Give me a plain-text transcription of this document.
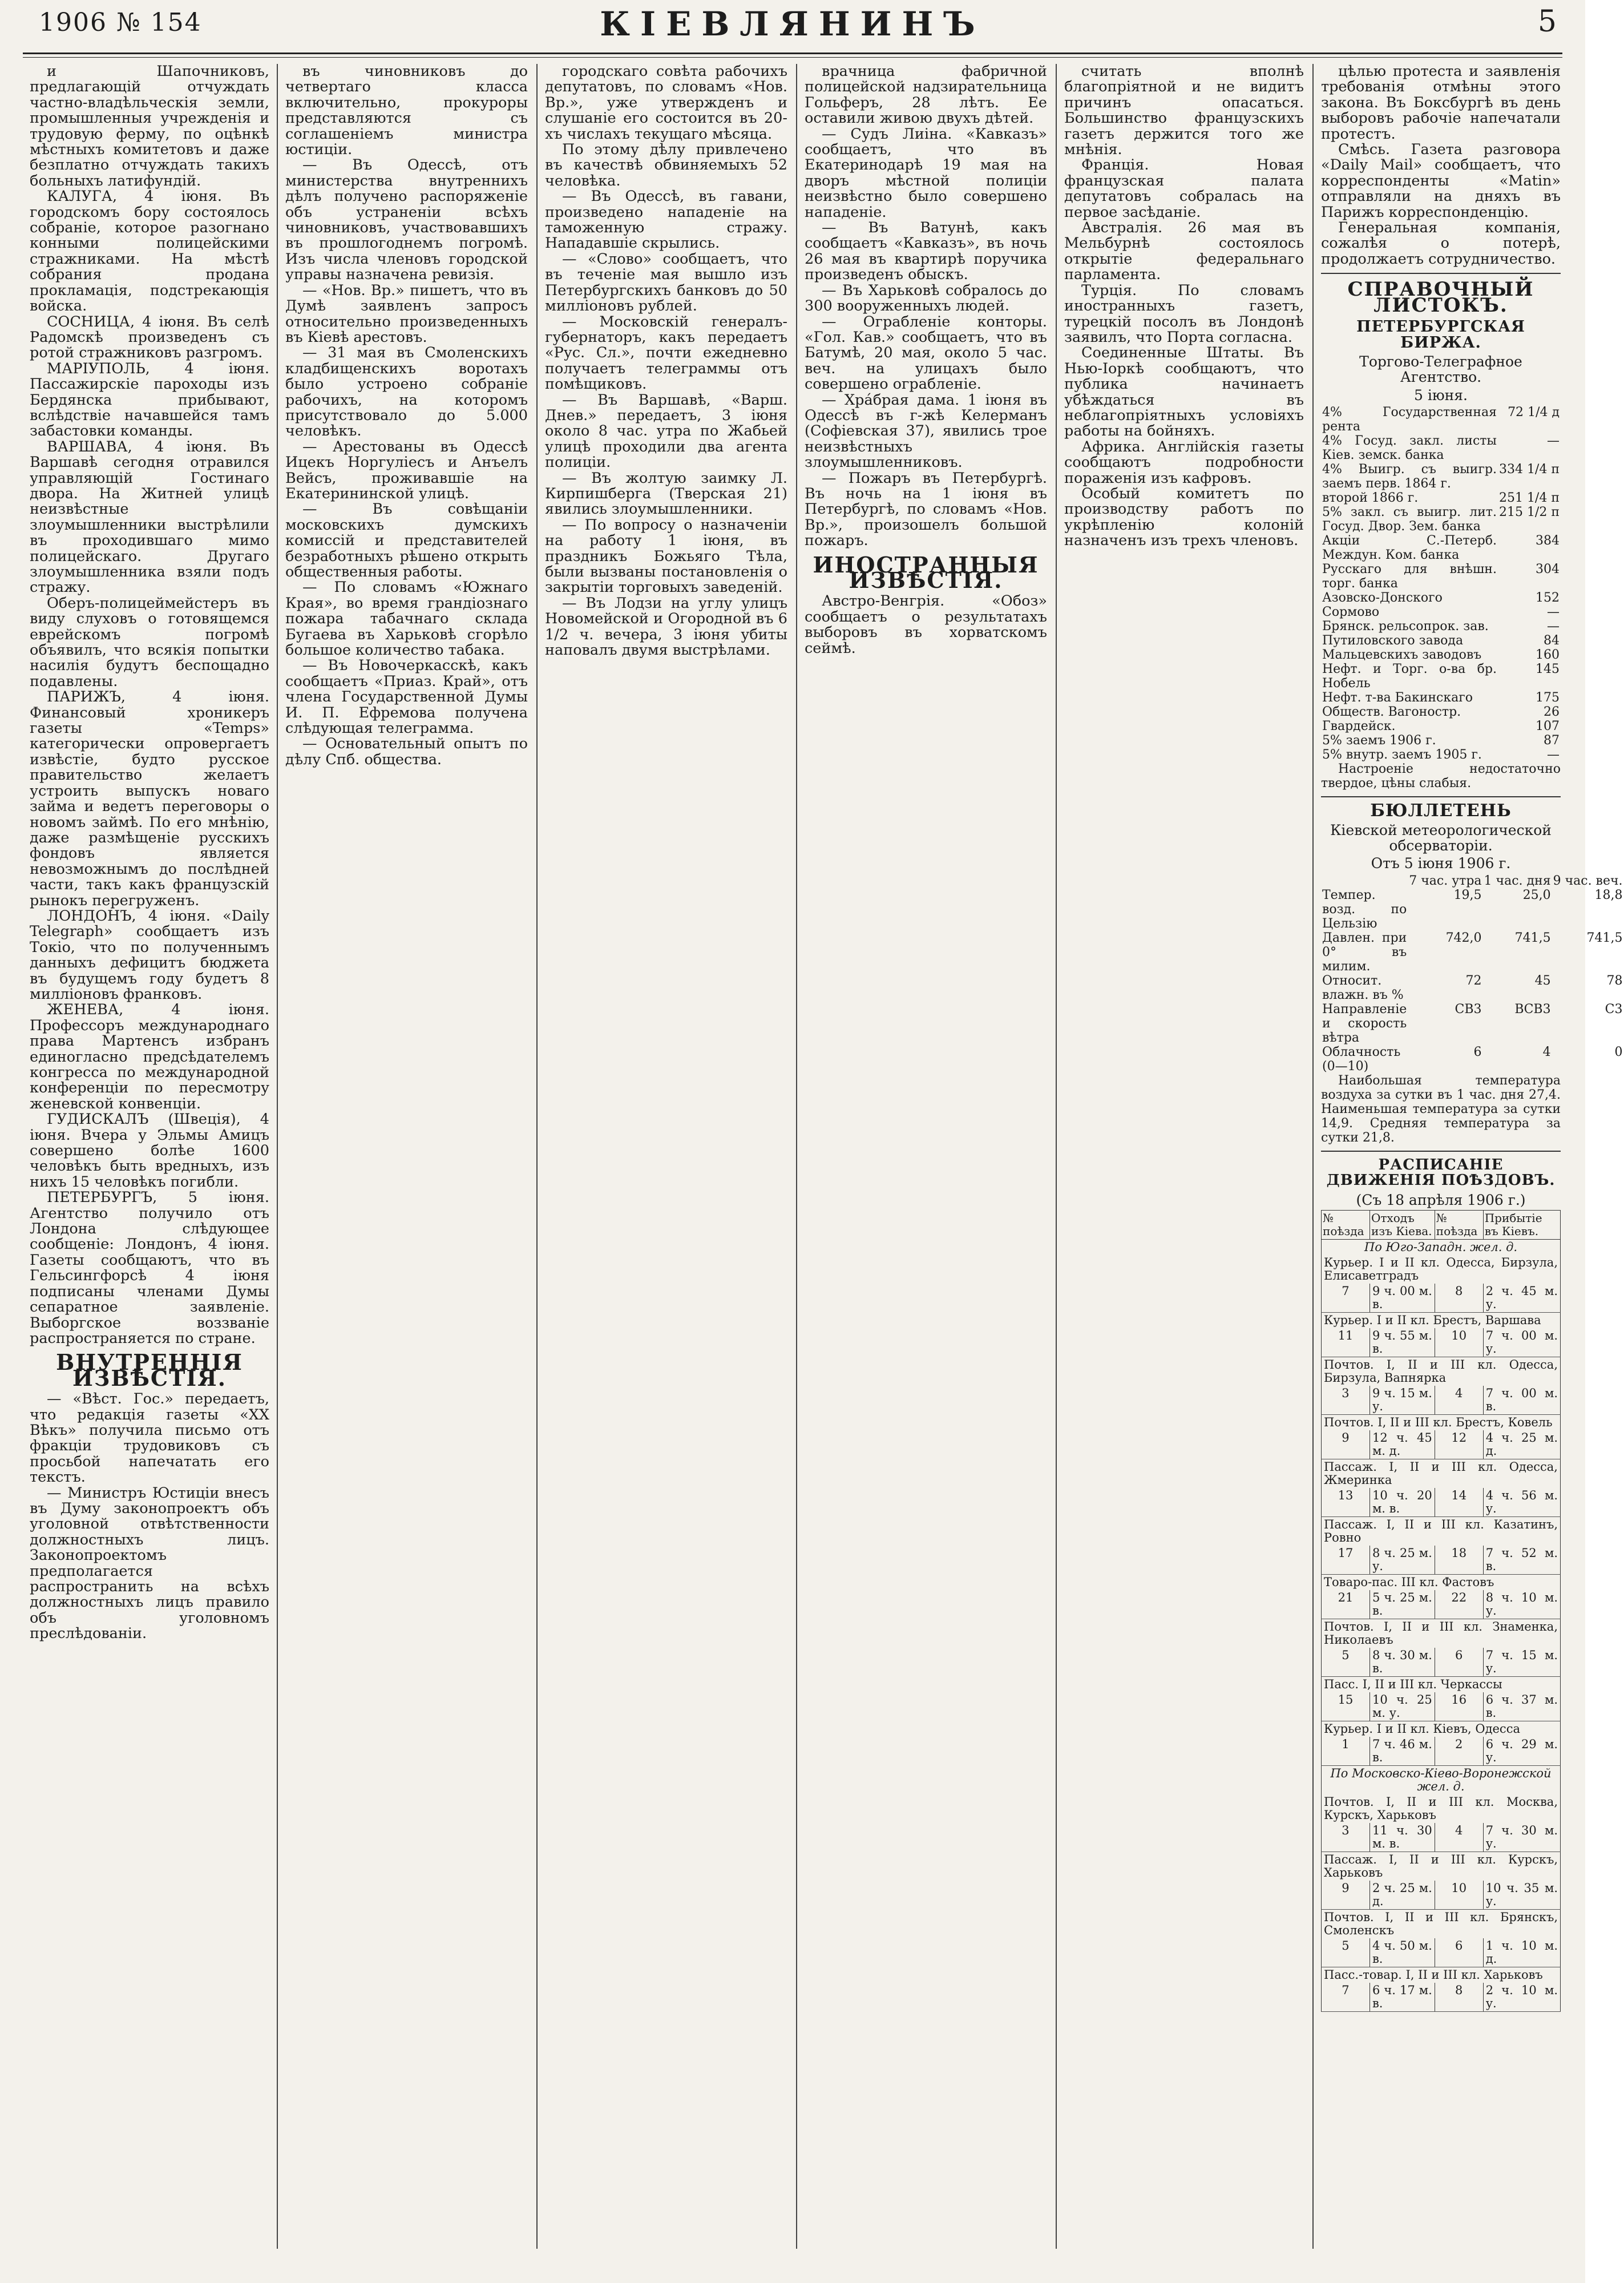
1906 № 154	КІЕВЛЯНИНЪ	5

и Шапочниковъ, предлагающій отчуждать частно-владѣльческія земли, промышленныя учрежденія и трудовую ферму, по оцѣнкѣ мѣстныхъ комитетовъ и даже безплатно отчуждать такихъ больныхъ латифундій.

КАЛУГА, 4 іюня. Въ городскомъ бору состоялось собраніе, которое разогнано конными полицейскими стражниками. На мѣстѣ собрания продана прокламація, подстрекающія войска.

СОСНИЦА, 4 іюня. Въ селѣ Радомскѣ произведенъ съ ротой стражниковъ разгромъ.

МАРІУПОЛЬ, 4 іюня. Пассажирскіе пароходы изъ Бердянска прибывают, вслѣдствіе начавшейся тамъ забастовки команды.

ВАРШАВА, 4 іюня. Въ Варшавѣ сегодня отравился управляющій Гостинаго двора. На Житней улицѣ неизвѣстные злоумышленники выстрѣлили въ проходившаго мимо полицейскаго. Другаго злоумышленника взяли подъ стражу.

Оберъ-полицеймейстеръ въ виду слуховъ о готовящемся еврейскомъ погромѣ объявилъ, что всякія попытки насилія будутъ беспощадно подавлены.

ПАРИЖЪ, 4 іюня. Финансовый хроникеръ газеты «Temps» категорически опровергаетъ извѣстіе, будто русское правительство желаетъ устроить выпускъ новаго займа и ведетъ переговоры о новомъ займѣ. По его мнѣнію, даже размѣщеніе русскихъ фондовъ является невозможнымъ до послѣдней части, такъ какъ французскій рынокъ перегруженъ.

ЛОНДОНЪ, 4 іюня. «Daily Telegraph» сообщаетъ изъ Токіо, что по полученнымъ данныхъ дефицитъ бюджета въ будущемъ году будетъ 8 милліоновъ франковъ.

ЖЕНЕВА, 4 іюня. Профессоръ международнаго права Мартенсъ избранъ единогласно предсѣдателемъ конгресса по международной конференціи по пересмотру женевской конвенціи.

ГУДИСКАЛЪ (Швеція), 4 іюня. Вчера у Эльмы Амицъ совершено болѣе 1600 человѣкъ быть вредныхъ, изъ нихъ 15 человѣкъ погибли.

ПЕТЕРБУРГЪ, 5 іюня. Агентство получило отъ Лондона слѣдующее сообщеніе: Лондонъ, 4 іюня. Газеты сообщаютъ, что въ Гельсингфорсѣ 4 іюня подписаны членами Думы сепаратное заявленіе. Выборгское воззваніе распространяется по стране.

ВНУТРЕННІЯ ИЗВѢСТІЯ.

— «Вѣст. Гос.» передаетъ, что редакція газеты «ХХ Вѣкъ» получила письмо отъ фракціи трудовиковъ съ просьбой напечатать его текстъ.

— Министръ Юстиціи внесъ въ Думу законопроектъ объ уголовной отвѣтственности должностныхъ лицъ. Законопроектомъ предполагается распространить на всѣхъ должностныхъ лицъ правило объ уголовномъ преслѣдованіи.

въ чиновниковъ до четвертаго класса включительно, прокуроры представляются съ соглашеніемъ министра юстиціи.

— Въ Одессѣ, отъ министерства внутреннихъ дѣлъ получено распоряженіе объ устраненіи всѣхъ чиновниковъ, участвовавшихъ въ прошлогоднемъ погромѣ. Изъ числа членовъ городской управы назначена ревизія.

— «Нов. Вр.» пишетъ, что въ Думѣ заявленъ запросъ относительно произведенныхъ въ Кіевѣ арестовъ.

— 31 мая въ Смоленскихъ кладбищенскихъ воротахъ было устроено собраніе рабочихъ, на которомъ присутствовало до 5.000 человѣкъ.

— Арестованы въ Одессѣ Ицекъ Норгуліесъ и Анъелъ Вейсъ, проживавшіе на Екатерининской улицѣ.

— Въ совѣщаніи московскихъ думскихъ комиссій и представителей безработныхъ рѣшено открыть общественныя работы.

— По словамъ «Южнаго Края», во время грандіознаго пожара табачнаго склада Бугаева въ Харьковѣ сгорѣло большое количество табака.

— Въ Новочеркасскѣ, какъ сообщаетъ «Приаз. Край», отъ члена Государственной Думы И. П. Ефремова получена слѣдующая телеграмма.

— Основательный опытъ по дѣлу Спб. общества.

городскаго совѣта рабочихъ депутатовъ, по словамъ «Нов. Вр.», уже утвержденъ и слушаніе его состоится въ 20-хъ числахъ текущаго мѣсяца.

По этому дѣлу привлечено въ качествѣ обвиняемыхъ 52 человѣка.

— Въ Одессѣ, въ гавани, произведено нападеніе на таможенную стражу. Нападавшіе скрылись.

— «Слово» сообщаетъ, что въ теченіе мая вышло изъ Петербургскихъ банковъ до 50 милліоновъ рублей.

— Московскій генералъ-губернаторъ, какъ передаетъ «Рус. Сл.», почти ежедневно получаетъ телеграммы отъ помѣщиковъ.

— Въ Варшавѣ, «Варш. Днев.» передаетъ, 3 іюня около 8 час. утра по Жабьей улицѣ проходили два агента полиціи.

— Въ жолтую заимку Л. Кирпишберга (Тверская 21) явились злоумышленники.

— По вопросу о назначеніи на работу 1 іюня, въ праздникъ Божьяго Тѣла, были вызваны постановленія о закрытіи торговыхъ заведеній.

— Въ Лодзи на углу улицъ Новомейской и Огородной въ 6 1/2 ч. вечера, 3 іюня убиты наповалъ двумя выстрѣлами.

врачница фабричной полицейской надзирательница Гольферъ, 28 лѣтъ. Ее оставили живою двухъ дѣтей.

— Судъ Лиіна. «Кавказъ» сообщаетъ, что въ Екатеринодарѣ 19 мая на дворъ мѣстной полиціи неизвѣстно было совершено нападеніе.

— Въ Ватунѣ, какъ сообщаетъ «Кавказъ», въ ночь 26 мая въ квартирѣ поручика произведенъ обыскъ.

— Въ Харьковѣ собралось до 300 вооруженныхъ людей.

— Ограбленіе конторы. «Гол. Кав.» сообщаетъ, что въ Батумѣ, 20 мая, около 5 час. веч. на улицахъ было совершено ограбленіе.

— Хрáбрая дама. 1 іюня въ Одессѣ въ г-жѣ Келерманъ (Софіевская 37), явились трое неизвѣстныхъ злоумышленниковъ.

— Пожаръ въ Петербургѣ. Въ ночь на 1 іюня въ Петербургѣ, по словамъ «Нов. Вр.», произошелъ большой пожаръ.

ИНОСТРАННЫЯ ИЗВѢСТІЯ.

Австро-Венгрія. «Обоз» сообщаетъ о результатахъ выборовъ въ хорватскомъ сеймѣ.

считать вполнѣ благопріятной и не видитъ причинъ опасаться. Большинство французскихъ газетъ держится того же мнѣнія.

Франція. Новая французская палата депутатовъ собралась на первое засѣданіе.

Австралія. 26 мая въ Мельбурнѣ состоялось открытіе федеральнаго парламента.

Турція. По словамъ иностранныхъ газетъ, турецкій посолъ въ Лондонѣ заявилъ, что Порта согласна.

Соединенные Штаты. Въ Нью-Іоркѣ сообщаютъ, что публика начинаетъ убѣждаться въ неблагопріятныхъ условіяхъ работы на бойняхъ.

Африка. Англійскія газеты сообщаютъ подробности пораженія изъ кафровъ.

Особый комитетъ по производству работъ по укрѣпленію колоній назначенъ изъ трехъ членовъ.

цѣлью протеста и заявленія требованія отмѣны этого закона. Въ Боксбургѣ въ день выборовъ рабочіе напечатали протестъ.

Смѣсь. Газета разговора «Daily Mail» сообщаетъ, что корреспонденты «Matin» отправляли на дняхъ въ Парижъ корреспонденцію.

Генеральная компанія, сожалѣя о потерѣ, продолжаетъ сотрудничество.

СПРАВОЧНЫЙ ЛИСТОКЪ.
ПЕТЕРБУРГСКАЯ БИРЖА.
Торгово-Телеграфное Агентство.
5 іюня.
4% Государственная рента	72 1/4 д
4% Госуд. закл. листы Кіев. земск. банка	—
4% Выигр. съ выигр. заемъ перв. 1864 г.	334 1/4 п
второй 1866 г.	251 1/4 п
5% закл. съ выигр. лит. Госуд. Двор. Зем. банка	215 1/2 п
Акціи С.-Петерб. Междун. Ком. банка	384
Русскаго для внѣшн. торг. банка	304
Азовско-Донского	152
Сормово	—
Брянск. рельсопрок. зав.	—
Путиловского завода	84
Мальцевскихъ заводовъ	160
Нефт. и Торг. о-ва бр. Нобель	145
Нефт. т-ва Бакинскаго	175
Обществ. Вагоностр.	26
Гвардейск.	107
5% заемъ 1906 г.	87
5% внутр. заемъ 1905 г.	—

Настроеніе недостаточно твердое, цѣны слабыя.

БЮЛЛЕТЕНЬ
Кіевской метеорологической обсерваторіи.
Отъ 5 іюня 1906 г.
	7 час. утра	1 час. дня	9 час. веч.
Темпер. возд. по Цельзію	19,5	25,0	18,8
Давлен. при 0° въ милим.	742,0	741,5	741,5
Относит. влажн. въ %	72	45	78
Направленіе и скорость вѣтра	СВ3	ВСВ3	С3
Облачность (0—10)	6	4	0

Наибольшая температура воздуха за сутки въ 1 час. дня 27,4. Наименьшая температура за сутки 14,9. Средняя температура за сутки 21,8.

РАСПИСАНІЕ ДВИЖЕНІЯ ПОѢЗДОВЪ.
(Съ 18 апрѣля 1906 г.)
№ поѣзда	Отходъ изъ Кіева.	№ поѣзда	Прибытіе въ Кіевъ.
По Юго-Западн. жел. д.			
Курьер. I и II кл. Одесса, Бирзула, Елисаветградъ			
7	9 ч. 00 м. в.	8	2 ч. 45 м. у.
Курьер. I и II кл. Брестъ, Варшава			
11	9 ч. 55 м. в.	10	7 ч. 00 м. у.
Почтов. I, II и III кл. Одесса, Бирзула, Вапнярка			
3	9 ч. 15 м. у.	4	7 ч. 00 м. в.
Почтов. I, II и III кл. Брестъ, Ковель			
9	12 ч. 45 м. д.	12	4 ч. 25 м. д.
Пассаж. I, II и III кл. Одесса, Жмеринка			
13	10 ч. 20 м. в.	14	4 ч. 56 м. у.
Пассаж. I, II и III кл. Казатинъ, Ровно			
17	8 ч. 25 м. у.	18	7 ч. 52 м. в.
Товаро-пас. III кл. Фастовъ			
21	5 ч. 25 м. в.	22	8 ч. 10 м. у.
Почтов. I, II и III кл. Знаменка, Николаевъ			
5	8 ч. 30 м. в.	6	7 ч. 15 м. у.
Пасс. I, II и III кл. Черкассы			
15	10 ч. 25 м. у.	16	6 ч. 37 м. в.
Курьер. I и II кл. Кіевъ, Одесса			
1	7 ч. 46 м. в.	2	6 ч. 29 м. у.
По Московско-Кіево-Воронежской жел. д.			
Почтов. I, II и III кл. Москва, Курскъ, Харьковъ			
3	11 ч. 30 м. в.	4	7 ч. 30 м. у.
Пассаж. I, II и III кл. Курскъ, Харьковъ			
9	2 ч. 25 м. д.	10	10 ч. 35 м. у.
Почтов. I, II и III кл. Брянскъ, Смоленскъ			
5	4 ч. 50 м. в.	6	1 ч. 10 м. д.
Пасс.-товар. I, II и III кл. Харьковъ			
7	6 ч. 17 м. в.	8	2 ч. 10 м. у.
